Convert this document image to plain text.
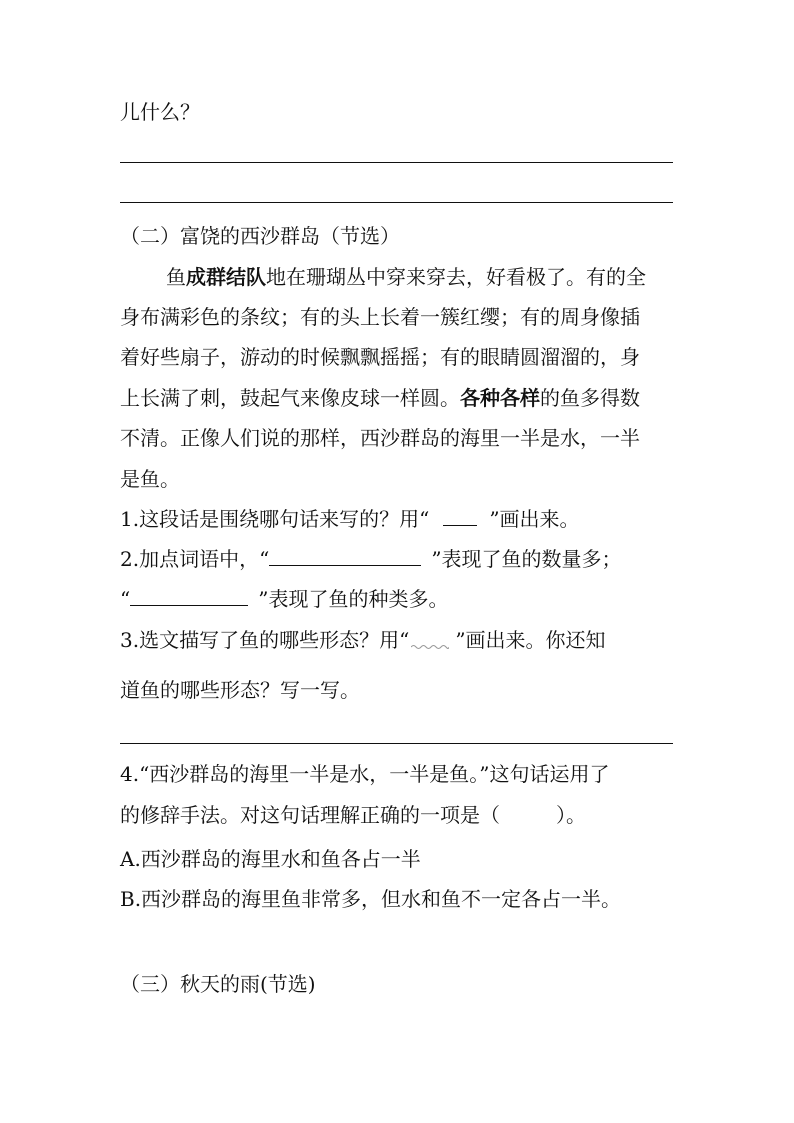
儿什么？
（二）富饶的西沙群岛（节选）
鱼成群结队地在珊瑚丛中穿来穿去，好看极了。有的全
身布满彩色的条纹；有的头上长着一簇红缨；有的周身像插
着好些扇子，游动的时候飘飘摇摇；有的眼睛圆溜溜的，身
上长满了刺，鼓起气来像皮球一样圆。各种各样的鱼多得数
不清。正像人们说的那样，西沙群岛的海里一半是水，一半
是鱼。
1.这段话是围绕哪句话来写的？用“	”画出来。
2.加点词语中，“	”表现了鱼的数量多；
“	”表现了鱼的种类多。
3.选文描写了鱼的哪些形态？用“ ”画出来。你还知
道鱼的哪些形态？写一写。
4.“西沙群岛的海里一半是水，一半是鱼。”这句话运用了
的修辞手法。对这句话理解正确的一项是（	）。
A.西沙群岛的海里水和鱼各占一半
B.西沙群岛的海里鱼非常多，但水和鱼不一定各占一半。
（三）秋天的雨(节选)
